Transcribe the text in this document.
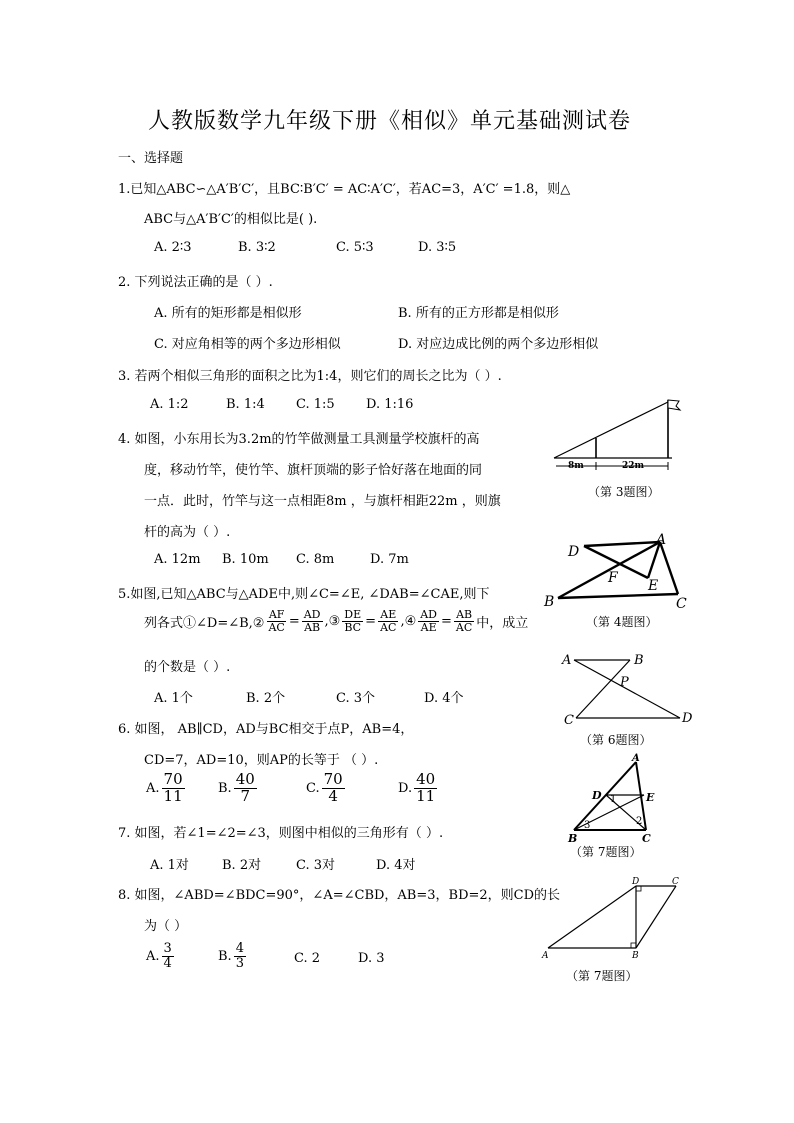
人教版数学九年级下册《相似》单元基础测试卷
一、选择题
1.已知△ABC∽△A′B′C′，且BC∶B′C′ = AC∶A′C′，若AC=3，A′C′ =1.8，则△
ABC与△A′B′C′的相似比是( ).
A. 2∶3	B. 3∶2	C. 5∶3	D. 3∶5
2. 下列说法正确的是（ ）.
A. 所有的矩形都是相似形	B. 所有的正方形都是相似形
C. 对应角相等的两个多边形相似	D. 对应边成比例的两个多边形相似
3. 若两个相似三角形的面积之比为1:4，则它们的周长之比为（ ）.
A. 1:2	B. 1:4 C. 1:5 D. 1:16
8m	22m
（第 3题图）
4. 如图，小东用长为3.2m的竹竿做测量工具测量学校旗杆的高
度，移动竹竿，使竹竿、旗杆顶端的影子恰好落在地面的同
一点．此时，竹竿与这一点相距8m ，与旗杆相距22m ，则旗
杆的高为（ ）.
A. 12m B. 10m C. 8m	D. 7m	D
A
B	C
E
F
（第 4题图）
5.如图,已知△ABC与△ADE中,则∠C=∠E, ∠DAB=∠CAE,则下
列各式①∠D=∠B,② $\frac{AF}{AC} = \frac{AD}{AB}$ ,③ $\frac{DE}{BC} = \frac{AE}{AC}$ ,④ $\frac{AD}{AE} = \frac{AB}{AC}$ 中，成立
的个数是（ ）.
A. 1个	B. 2个	C. 3个	D. 4个
A	B
C	D
P
（第 6题图）
6. 如图， AB∥CD，AD与BC相交于点P，AB=4，
CD=7，AD=10，则AP的长等于 （ ）.
A. $\frac{70}{11}$	B. $\frac{40}{7}$	C. $\frac{70}{4}$	D. $\frac{40}{11}$
A
D	E
B	C
1
2
3
（第 7题图）
7. 如图，若∠1=∠2=∠3，则图中相似的三角形有（ ）.
A. 1对	B. 2对	C. 3对	D. 4对
D	C
A	B
（第 7题图）
8. 如图，∠ABD=∠BDC=90°，∠A=∠CBD，AB=3，BD=2，则CD的长
为（ ）
A. $\frac{3}{4}$	B. $\frac{4}{3}$	C. 2	D. 3
